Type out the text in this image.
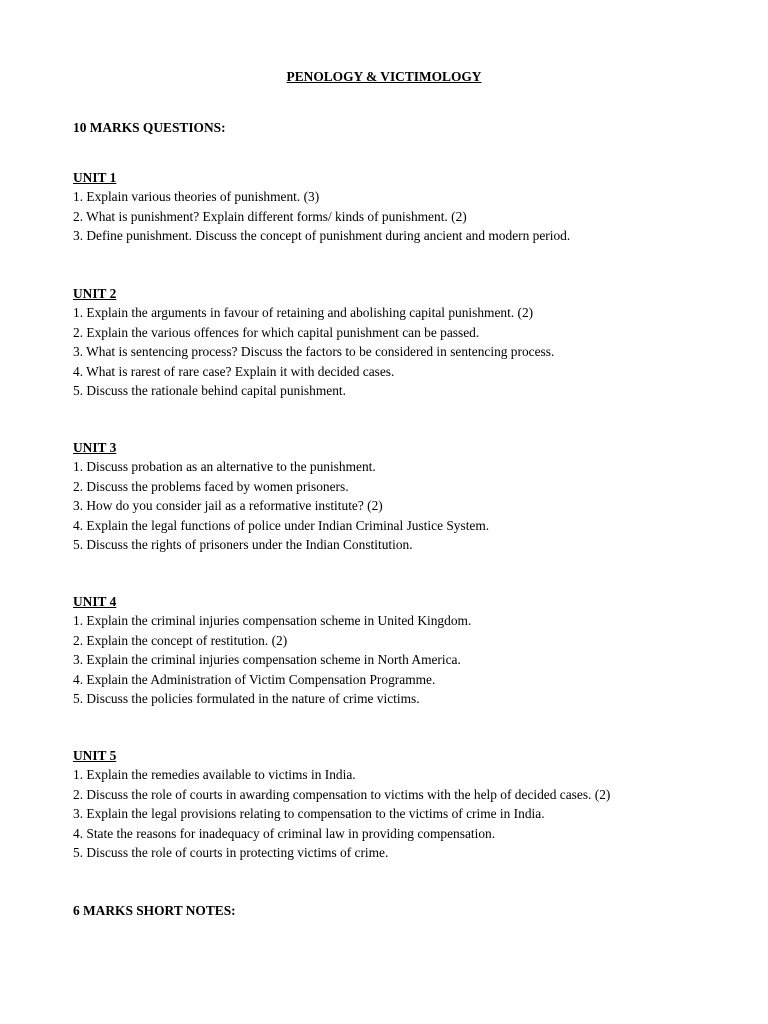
PENOLOGY & VICTIMOLOGY
10 MARKS QUESTIONS:
UNIT 1
1. Explain various theories of punishment. (3)
2. What is punishment? Explain different forms/ kinds of punishment. (2)
3. Define punishment. Discuss the concept of punishment during ancient and modern period.
UNIT 2
1. Explain the arguments in favour of retaining and abolishing capital punishment. (2)
2. Explain the various offences for which capital punishment can be passed.
3. What is sentencing process? Discuss the factors to be considered in sentencing process.
4. What is rarest of rare case? Explain it with decided cases.
5. Discuss the rationale behind capital punishment.
UNIT 3
1. Discuss probation as an alternative to the punishment.
2. Discuss the problems faced by women prisoners.
3. How do you consider jail as a reformative institute? (2)
4. Explain the legal functions of police under Indian Criminal Justice System.
5. Discuss the rights of prisoners under the Indian Constitution.
UNIT 4
1. Explain the criminal injuries compensation scheme in United Kingdom.
2. Explain the concept of restitution. (2)
3. Explain the criminal injuries compensation scheme in North America.
4. Explain the Administration of Victim Compensation Programme.
5. Discuss the policies formulated in the nature of crime victims.
UNIT 5
1. Explain the remedies available to victims in India.
2. Discuss the role of courts in awarding compensation to victims with the help of decided cases. (2)
3. Explain the legal provisions relating to compensation to the victims of crime in India.
4. State the reasons for inadequacy of criminal law in providing compensation.
5. Discuss the role of courts in protecting victims of crime.
6 MARKS SHORT NOTES:
